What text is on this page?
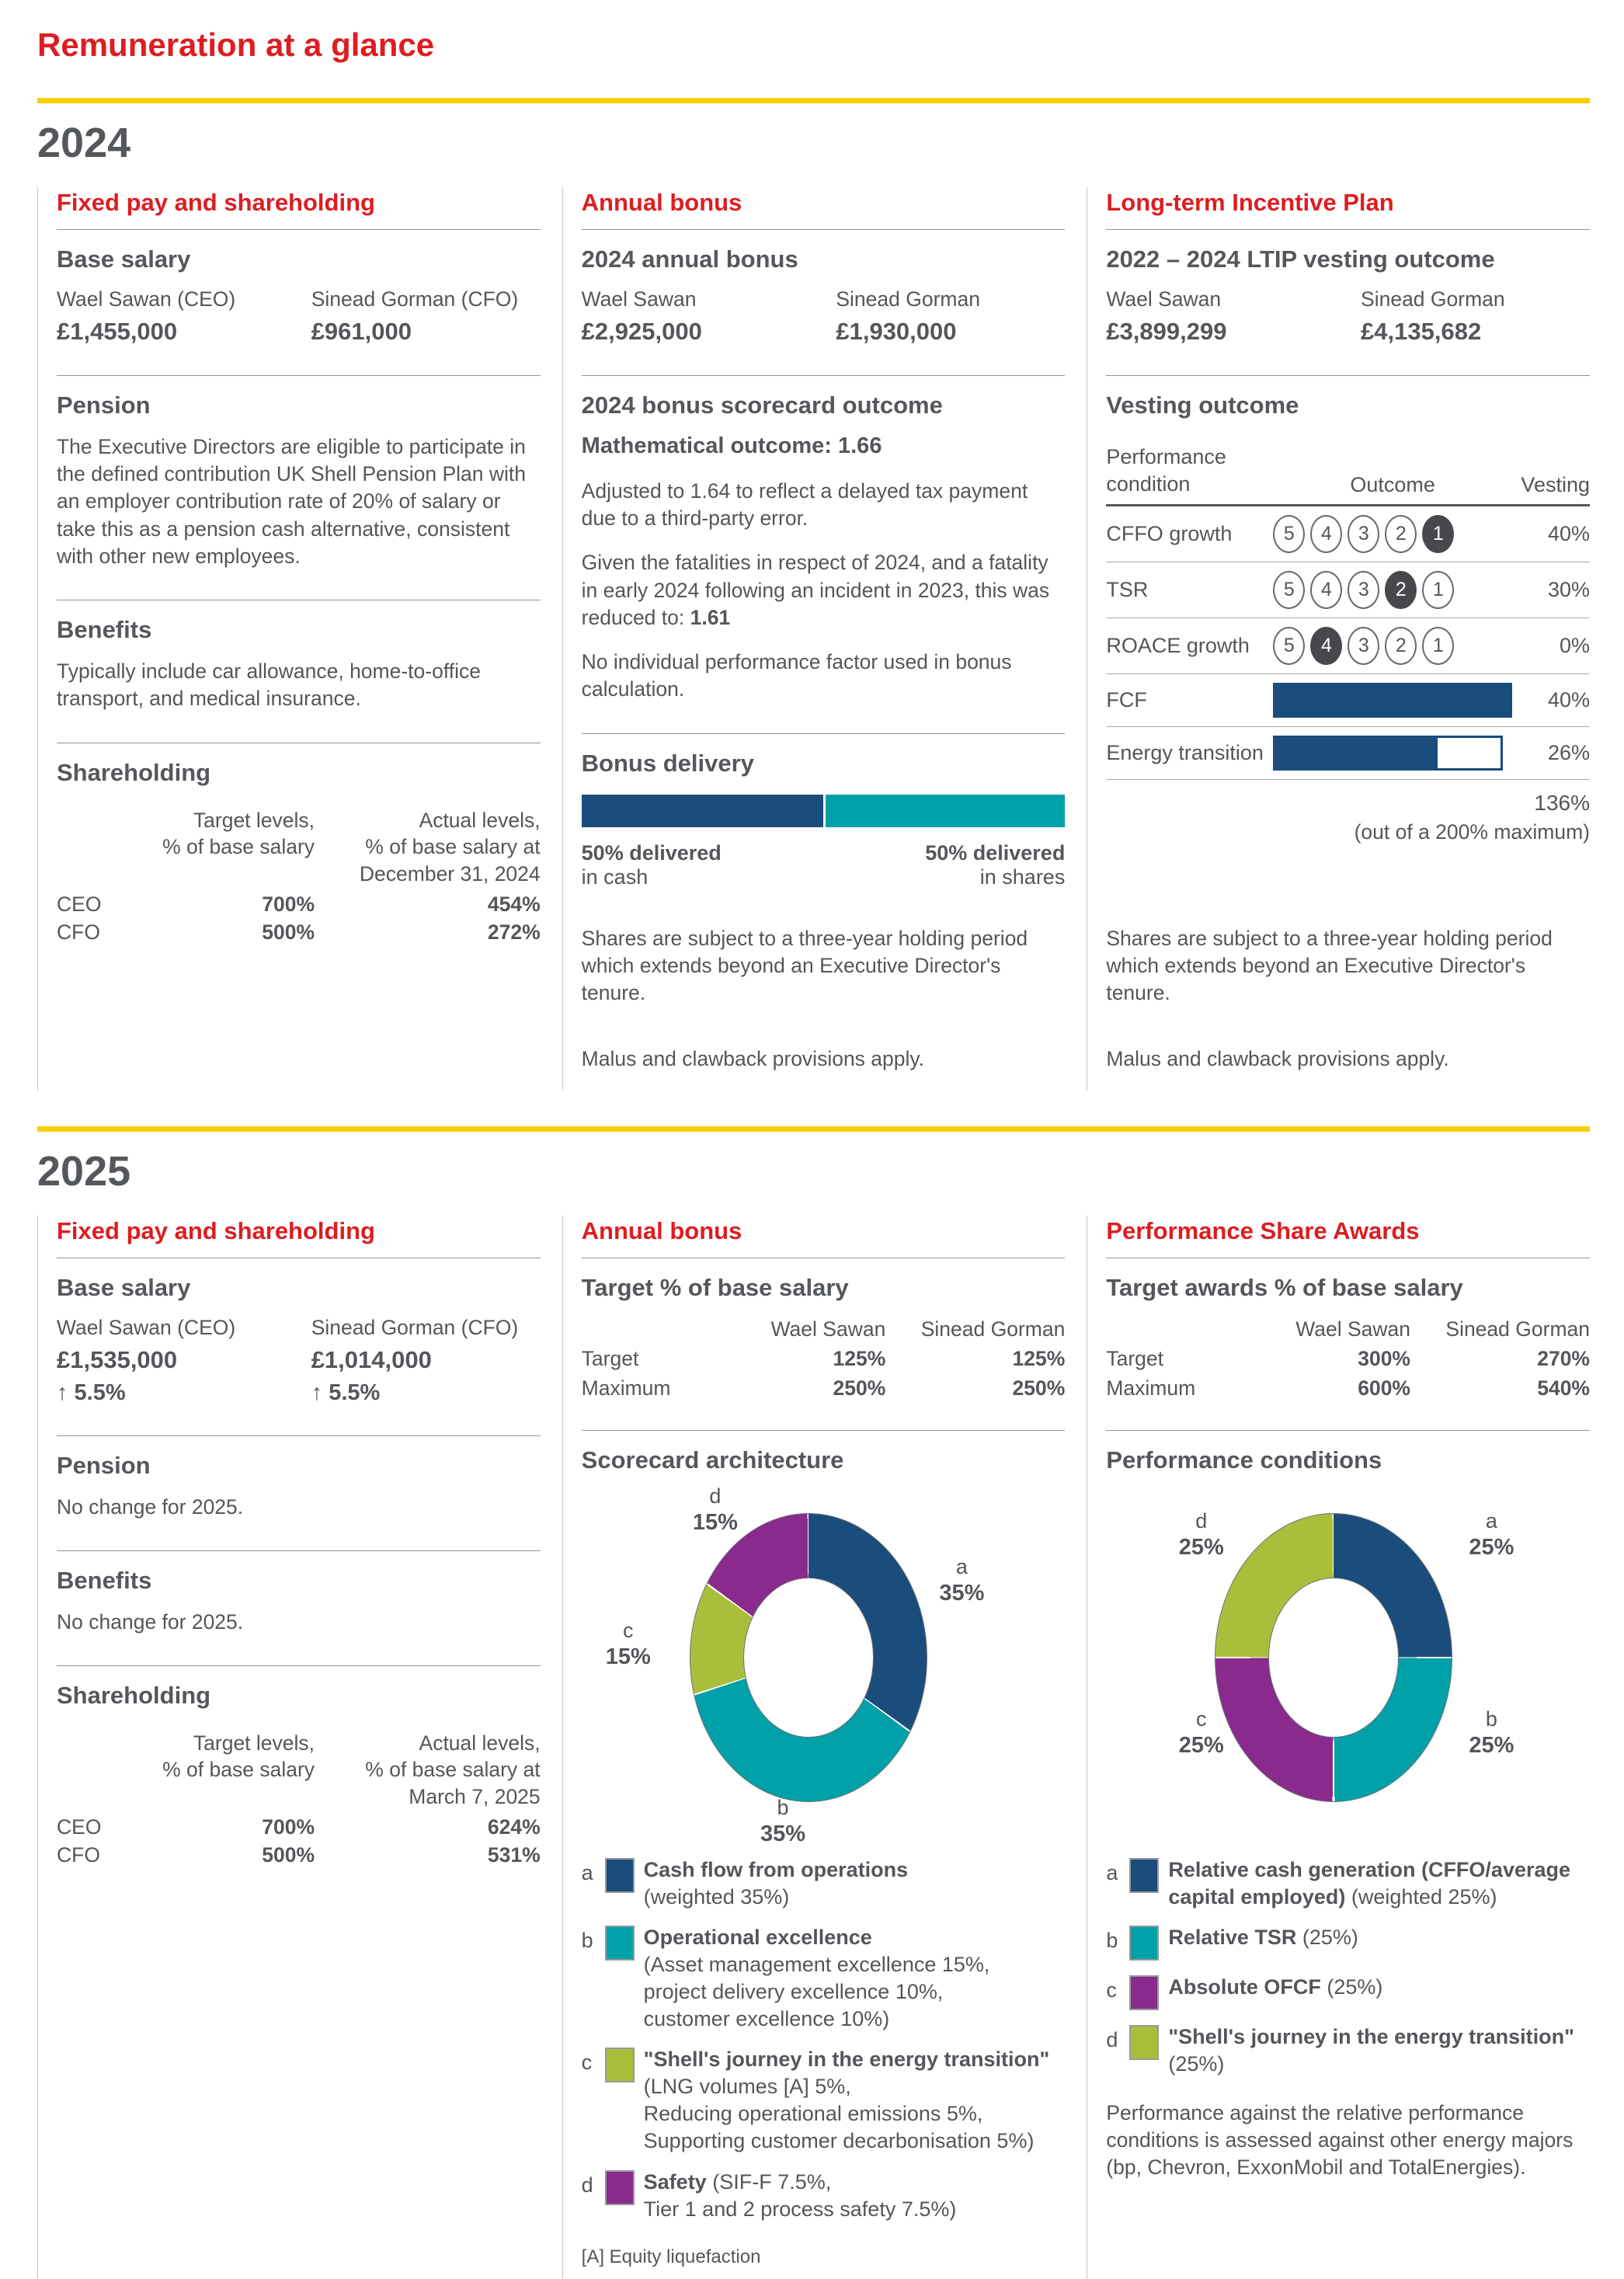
Remuneration at a glance
2024
Fixed pay and shareholding
Base salary
Wael Sawan (CEO)
£1,455,000
Sinead Gorman (CFO)
£961,000
Pension

The Executive Directors are eligible to participate in the defined contribution UK Shell Pension Plan with an employer contribution rate of 20% of salary or take this as a pension cash alternative, consistent with other new employees.

Benefits

Typically include car allowance, home-to-office transport, and medical insurance.

Shareholding
Target levels,
% of base salary
Actual levels,
% of base salary at
December 31, 2024
CEO	700%	454%
CFO	500%	272%
Annual bonus
2024 annual bonus
Wael Sawan
£2,925,000
Sinead Gorman
£1,930,000
2024 bonus scorecard outcome
Mathematical outcome: 1.66

Adjusted to 1.64 to reflect a delayed tax payment due to a third-party error.

Given the fatalities in respect of 2024, and a fatality in early 2024 following an incident in 2023, this was reduced to: 1.61

No individual performance factor used in bonus calculation.

Bonus delivery
50% delivered
in cash
50% delivered
in shares

Shares are subject to a three-year holding period which extends beyond an Executive Director's tenure.

Malus and clawback provisions apply.

Long-term Incentive Plan
2022 – 2024 LTIP vesting outcome
Wael Sawan
£3,899,299
Sinead Gorman
£4,135,682
Vesting outcome
Performance
condition	Outcome	Vesting
CFFO growth	5	4	3	2	1	40%
TSR	5	4	3	2	1	30%
ROACE growth	5	4	3	2	1	0%
FCF	40%
Energy transition	26%
136%
(out of a 200% maximum)

Shares are subject to a three-year holding period which extends beyond an Executive Director's tenure.

Malus and clawback provisions apply.

2025
Fixed pay and shareholding
Base salary
Wael Sawan (CEO)
£1,535,000
↑ 5.5%
Sinead Gorman (CFO)
£1,014,000
↑ 5.5%
Pension

No change for 2025.

Benefits

No change for 2025.

Shareholding
Target levels,
% of base salary
Actual levels,
% of base salary at
March 7, 2025
CEO	700%	624%
CFO	500%	531%
Annual bonus
Target % of base salary
Wael Sawan	Sinead Gorman
Target	125%	125%
Maximum	250%	250%
Scorecard architecture
a
35%
b
35%
c
15%
d
15%
a	Cash flow from operations
(weighted 35%)
b	Operational excellence
(Asset management excellence 15%,
project delivery excellence 10%,
customer excellence 10%)
c	"Shell's journey in the energy transition"
(LNG volumes [A] 5%,
Reducing operational emissions 5%,
Supporting customer decarbonisation 5%)
d	Safety (SIF-F 7.5%,
Tier 1 and 2 process safety 7.5%)
[A] Equity liquefaction
Performance Share Awards
Target awards % of base salary
Wael Sawan	Sinead Gorman
Target	300%	270%
Maximum	600%	540%
Performance conditions
a
25%
b
25%
c
25%
d
25%
a	Relative cash generation (CFFO/average capital employed) (weighted 25%)
b	Relative TSR (25%)
c	Absolute OFCF (25%)
d	"Shell's journey in the energy transition" (25%)

Performance against the relative performance conditions is assessed against other energy majors (bp, Chevron, ExxonMobil and TotalEnergies).
